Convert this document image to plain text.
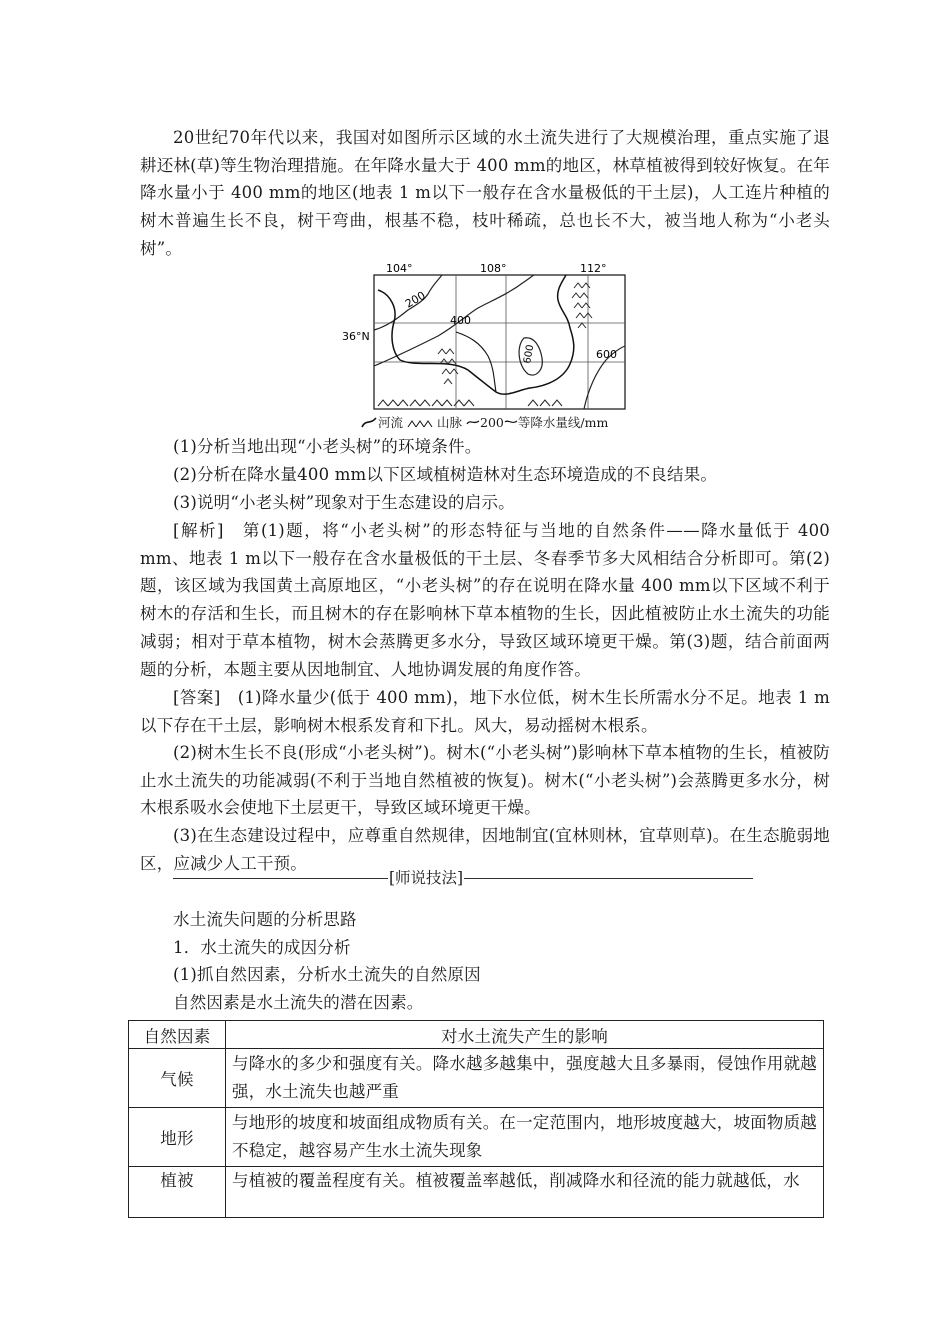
20世纪70年代以来，我国对如图所示区域的水土流失进行了大规模治理，重点实施了退耕还林(草)等生物治理措施。在年降水量大于 400 mm的地区，林草植被得到较好恢复。在年降水量小于 400 mm的地区(地表 1 m以下一般存在含水量极低的干土层)，人工连片种植的树木普遍生长不良，树干弯曲，根基不稳，枝叶稀疏，总也长不大，被当地人称为“小老头树”。

104°	108°	112°
36°N
200
400
600	600
河流	山脉 200 等降水量线/mm

(1)分析当地出现“小老头树”的环境条件。

(2)分析在降水量400 mm以下区域植树造林对生态环境造成的不良结果。

(3)说明“小老头树”现象对于生态建设的启示。

[解析]　第(1)题，将“小老头树”的形态特征与当地的自然条件——降水量低于 400 mm、地表 1 m以下一般存在含水量极低的干土层、冬春季节多大风相结合分析即可。第(2)题，该区域为我国黄土高原地区，“小老头树”的存在说明在降水量 400 mm以下区域不利于树木的存活和生长，而且树木的存在影响林下草本植物的生长，因此植被防止水土流失的功能减弱；相对于草本植物，树木会蒸腾更多水分，导致区域环境更干燥。第(3)题，结合前面两题的分析，本题主要从因地制宜、人地协调发展的角度作答。

[答案]　(1)降水量少(低于 400 mm)，地下水位低，树木生长所需水分不足。地表 1 m以下存在干土层，影响树木根系发育和下扎。风大，易动摇树木根系。

(2)树木生长不良(形成“小老头树”)。树木(“小老头树”)影响林下草本植物的生长，植被防止水土流失的功能减弱(不利于当地自然植被的恢复)。树木(“小老头树”)会蒸腾更多水分，树木根系吸水会使地下土层更干，导致区域环境更干燥。

(3)在生态建设过程中，应尊重自然规律，因地制宜(宜林则林，宜草则草)。在生态脆弱地区，应减少人工干预。

[师说技法]

水土流失问题的分析思路

1．水土流失的成因分析

(1)抓自然因素，分析水土流失的自然原因

自然因素是水土流失的潜在因素。

自然因素	对水土流失产生的影响
气候	与降水的多少和强度有关。降水越多越集中，强度越大且多暴雨，侵蚀作用就越强，水土流失也越严重
地形	与地形的坡度和坡面组成物质有关。在一定范围内，地形坡度越大，坡面物质越不稳定，越容易产生水土流失现象
植被	与植被的覆盖程度有关。植被覆盖率越低，削减降水和径流的能力就越低，水
